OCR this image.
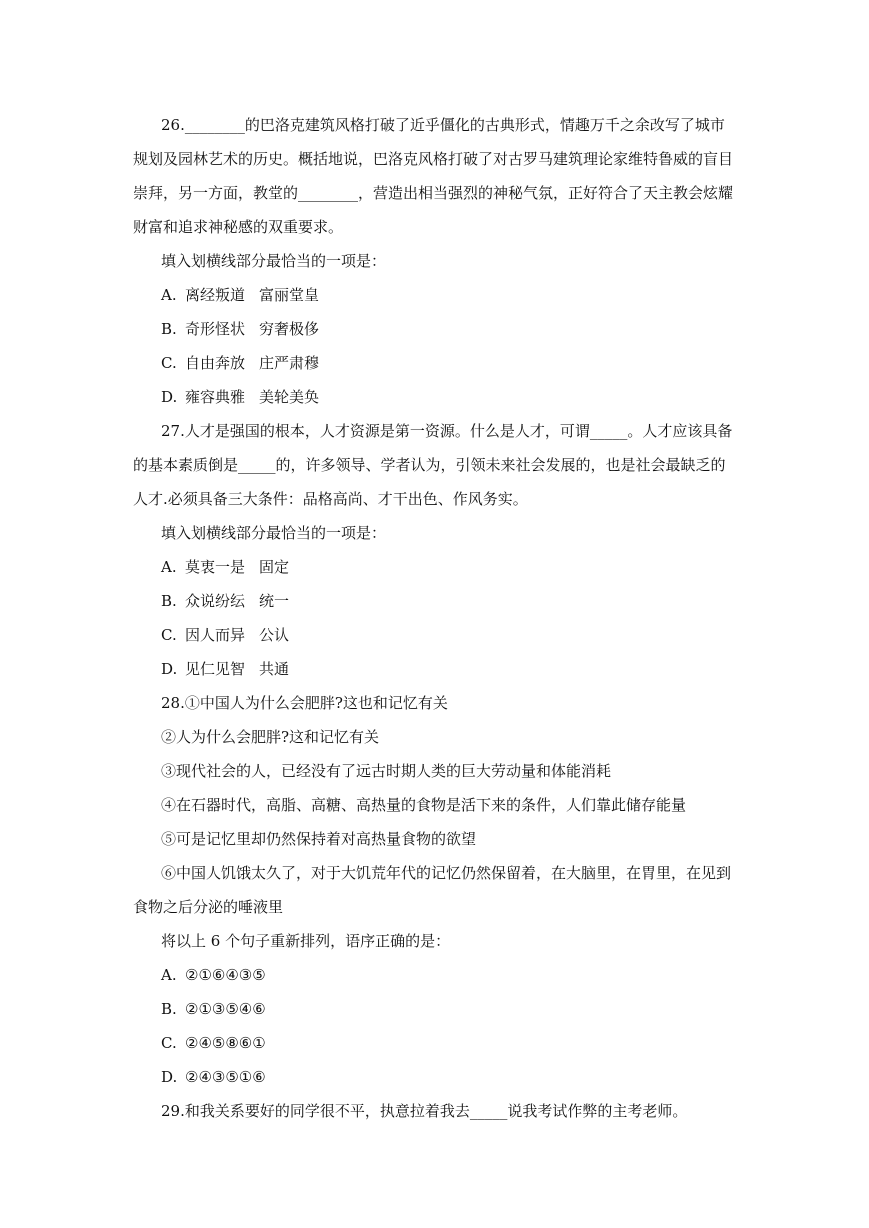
26.________的巴洛克建筑风格打破了近乎僵化的古典形式，情趣万千之余改写了城市
规划及园林艺术的历史。概括地说，巴洛克风格打破了对古罗马建筑理论家维特鲁威的盲目
崇拜，另一方面，教堂的________，营造出相当强烈的神秘气氛，正好符合了天主教会炫耀
财富和追求神秘感的双重要求。
填入划横线部分最恰当的一项是：
A. 离经叛道 富丽堂皇
B. 奇形怪状 穷奢极侈
C. 自由奔放 庄严肃穆
D. 雍容典雅 美轮美奂
27.人才是强国的根本，人才资源是第一资源。什么是人才，可谓_____。人才应该具备
的基本素质倒是_____的，许多领导、学者认为，引领未来社会发展的，也是社会最缺乏的
人才.必须具备三大条件：品格高尚、才干出色、作风务实。
填入划横线部分最恰当的一项是：
A. 莫衷一是 固定
B. 众说纷纭 统一
C. 因人而异 公认
D. 见仁见智 共通
28.①中国人为什么会肥胖?这也和记忆有关
②人为什么会肥胖?这和记忆有关
③现代社会的人，已经没有了远古时期人类的巨大劳动量和体能消耗
④在石器时代，高脂、高糖、高热量的食物是活下来的条件，人们靠此储存能量
⑤可是记忆里却仍然保持着对高热量食物的欲望
⑥中国人饥饿太久了，对于大饥荒年代的记忆仍然保留着，在大脑里，在胃里，在见到
食物之后分泌的唾液里
将以上 6 个句子重新排列，语序正确的是：
A. ②①⑥④③⑤
B. ②①③⑤④⑥
C. ②④⑤⑧⑥①
D. ②④③⑤①⑥
29.和我关系要好的同学很不平，执意拉着我去_____说我考试作弊的主考老师。
